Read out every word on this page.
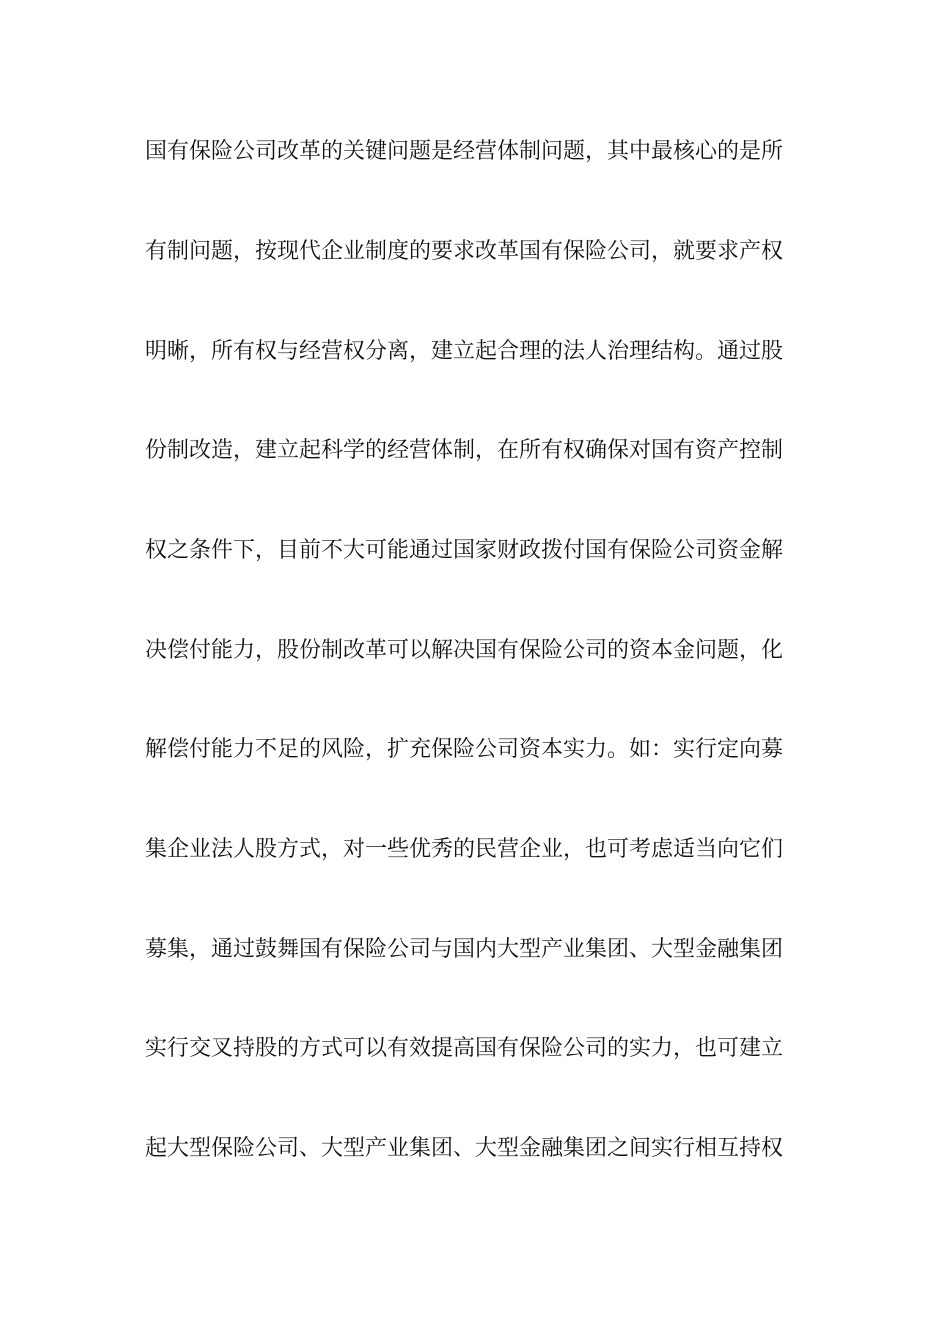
国有保险公司改革的关键问题是经营体制问题，其中最核心的是所
有制问题，按现代企业制度的要求改革国有保险公司，就要求产权
明晰，所有权与经营权分离，建立起合理的法人治理结构。通过股
份制改造，建立起科学的经营体制，在所有权确保对国有资产控制
权之条件下，目前不大可能通过国家财政拨付国有保险公司资金解
决偿付能力，股份制改革可以解决国有保险公司的资本金问题，化
解偿付能力不足的风险，扩充保险公司资本实力。如：实行定向募
集企业法人股方式，对一些优秀的民营企业，也可考虑适当向它们
募集，通过鼓舞国有保险公司与国内大型产业集团、大型金融集团
实行交叉持股的方式可以有效提高国有保险公司的实力，也可建立
起大型保险公司、大型产业集团、大型金融集团之间实行相互持权
